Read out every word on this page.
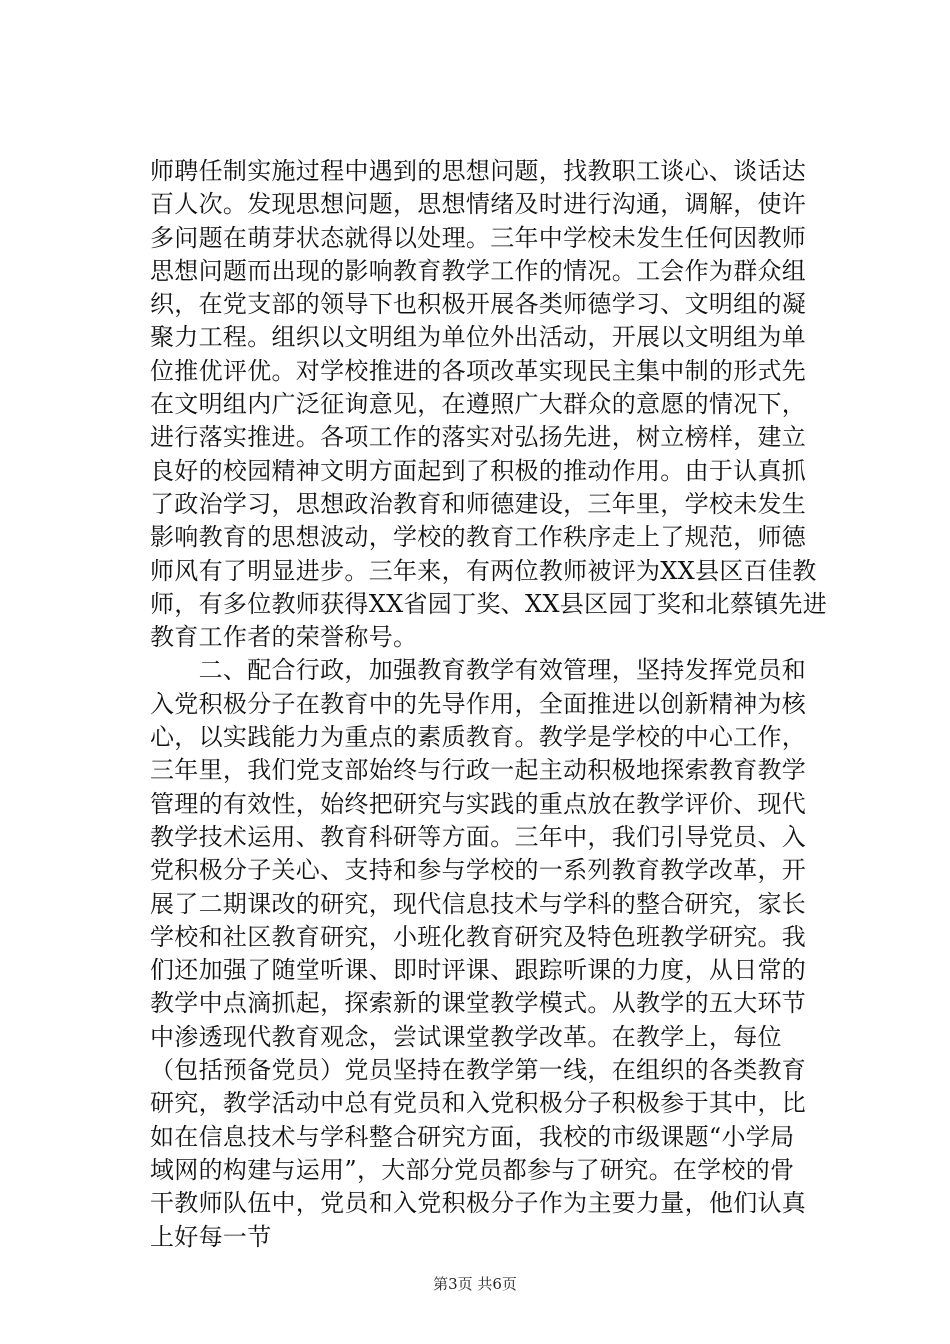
师聘任制实施过程中遇到的思想问题，找教职工谈心、谈话达
百人次。发现思想问题，思想情绪及时进行沟通，调解，使许
多问题在萌芽状态就得以处理。三年中学校未发生任何因教师
思想问题而出现的影响教育教学工作的情况。工会作为群众组
织，在党支部的领导下也积极开展各类师德学习、文明组的凝
聚力工程。组织以文明组为单位外出活动，开展以文明组为单
位推优评优。对学校推进的各项改革实现民主集中制的形式先
在文明组内广泛征询意见，在遵照广大群众的意愿的情况下，
进行落实推进。各项工作的落实对弘扬先进，树立榜样，建立
良好的校园精神文明方面起到了积极的推动作用。由于认真抓
了政治学习，思想政治教育和师德建设，三年里，学校未发生
影响教育的思想波动，学校的教育工作秩序走上了规范，师德
师风有了明显进步。三年来，有两位教师被评为XX县区百佳教
师，有多位教师获得XX省园丁奖、XX县区园丁奖和北蔡镇先进
教育工作者的荣誉称号。
　　二、配合行政，加强教育教学有效管理，坚持发挥党员和
入党积极分子在教育中的先导作用，全面推进以创新精神为核
心，以实践能力为重点的素质教育。教学是学校的中心工作，
三年里，我们党支部始终与行政一起主动积极地探索教育教学
管理的有效性，始终把研究与实践的重点放在教学评价、现代
教学技术运用、教育科研等方面。三年中，我们引导党员、入
党积极分子关心、支持和参与学校的一系列教育教学改革，开
展了二期课改的研究，现代信息技术与学科的整合研究，家长
学校和社区教育研究，小班化教育研究及特色班教学研究。我
们还加强了随堂听课、即时评课、跟踪听课的力度，从日常的
教学中点滴抓起，探索新的课堂教学模式。从教学的五大环节
中渗透现代教育观念，尝试课堂教学改革。在教学上，每位
（包括预备党员）党员坚持在教学第一线，在组织的各类教育
研究，教学活动中总有党员和入党积极分子积极参于其中，比
如在信息技术与学科整合研究方面，我校的市级课题“小学局
域网的构建与运用”，大部分党员都参与了研究。在学校的骨
干教师队伍中，党员和入党积极分子作为主要力量，他们认真
上好每一节
第3页 共6页
